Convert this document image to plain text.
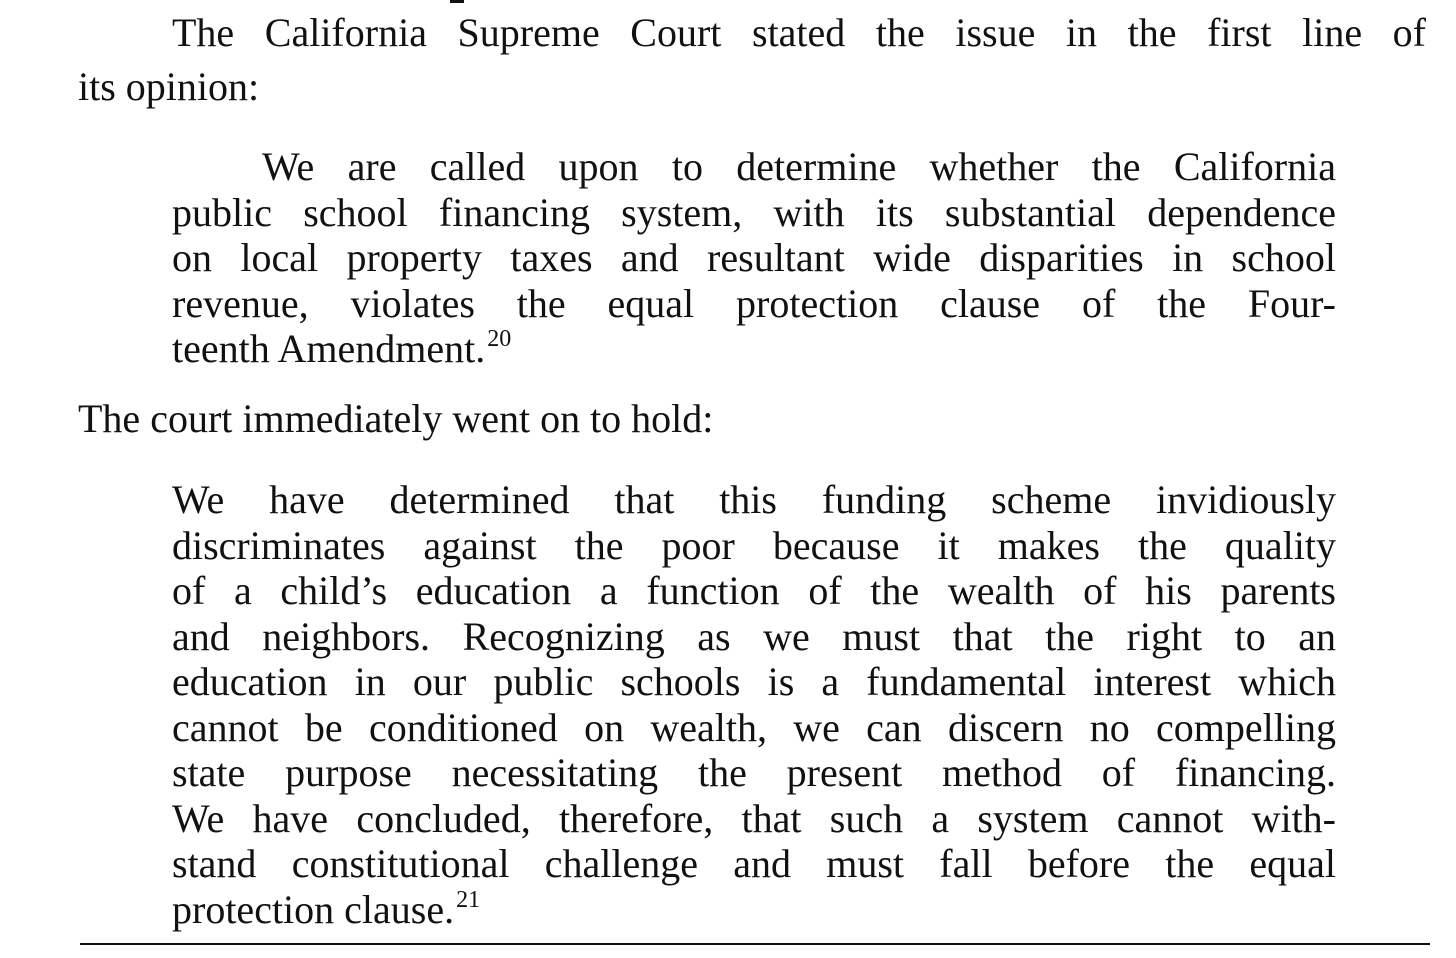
The California Supreme Court stated the issue in the first line of
its opinion:
We are called upon to determine whether the California
public school financing system, with its substantial dependence
on local property taxes and resultant wide disparities in school
revenue, violates the equal protection clause of the Four-
teenth Amendment.$^{20}$
The court immediately went on to hold:
We have determined that this funding scheme invidiously
discriminates against the poor because it makes the quality
of a child’s education a function of the wealth of his parents
and neighbors. Recognizing as we must that the right to an
education in our public schools is a fundamental interest which
cannot be conditioned on wealth, we can discern no compelling
state purpose necessitating the present method of financing.
We have concluded, therefore, that such a system cannot with-
stand constitutional challenge and must fall before the equal
protection clause.$^{21}$
